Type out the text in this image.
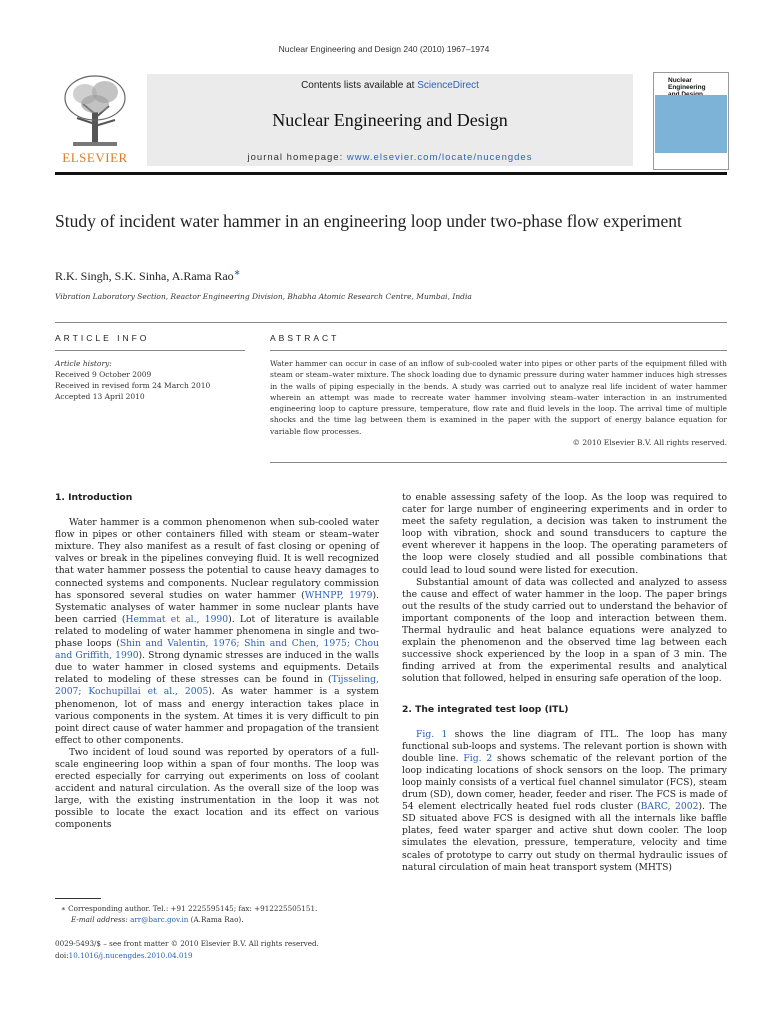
Nuclear Engineering and Design 240 (2010) 1967–1974
ELSEVIER
Contents lists available at ScienceDirect
Nuclear Engineering and Design
journal homepage: www.elsevier.com/locate/nucengdes
Nuclear Engineering
Study of incident water hammer in an engineering loop under two-phase flow experiment
R.K. Singh, S.K. Sinha, A.Rama Rao∗
Vibration Laboratory Section, Reactor Engineering Division, Bhabha Atomic Research Centre, Mumbai, India
ARTICLE INFO	ABSTRACT
Article history:
Received 9 October 2009
Received in revised form 24 March 2010
Accepted 13 April 2010
Water hammer can occur in case of an inflow of sub-cooled water into pipes or other parts of the equipment filled with steam or steam–water mixture. The shock loading due to dynamic pressure during water hammer induces high stresses in the walls of piping especially in the bends. A study was carried out to analyze real life incident of water hammer wherein an attempt was made to recreate water hammer involving steam–water interaction in an instrumented engineering loop to capture pressure, temperature, flow rate and fluid levels in the loop. The arrival time of multiple shocks and the time lag between them is examined in the paper with the support of energy balance equation for variable flow processes.
© 2010 Elsevier B.V. All rights reserved.
1. Introduction

Water hammer is a common phenomenon when sub-cooled water flow in pipes or other containers filled with steam or steam–water mixture. They also manifest as a result of fast closing or opening of valves or break in the pipelines conveying fluid. It is well recognized that water hammer possess the potential to cause heavy damages to connected systems and components. Nuclear regulatory commission has sponsored several studies on water hammer (WHNPP, 1979). Systematic analyses of water hammer in some nuclear plants have been carried (Hemmat et al., 1990). Lot of literature is available related to modeling of water hammer phenomena in single and two-phase loops (Shin and Valentin, 1976; Shin and Chen, 1975; Chou and Griffith, 1990). Strong dynamic stresses are induced in the walls due to water hammer in closed systems and equipments. Details related to modeling of these stresses can be found in (Tijsseling, 2007; Kochupillai et al., 2005). As water hammer is a system phenomenon, lot of mass and energy interaction takes place in various components in the system. At times it is very difficult to pin point direct cause of water hammer and propagation of the transient effect to other components.

Two incident of loud sound was reported by operators of a full-scale engineering loop within a span of four months. The loop was erected especially for carrying out experiments on loss of coolant accident and natural circulation. As the overall size of the loop was large, with the existing instrumentation in the loop it was not possible to locate the exact location and its effect on various components

to enable assessing safety of the loop. As the loop was required to cater for large number of engineering experiments and in order to meet the safety regulation, a decision was taken to instrument the loop with vibration, shock and sound transducers to capture the event wherever it happens in the loop. The operating parameters of the loop were closely studied and all possible combinations that could lead to loud sound were listed for execution.

Substantial amount of data was collected and analyzed to assess the cause and effect of water hammer in the loop. The paper brings out the results of the study carried out to understand the behavior of important components of the loop and interaction between them. Thermal hydraulic and heat balance equations were analyzed to explain the phenomenon and the observed time lag between each successive shock experienced by the loop in a span of 3 min. The finding arrived at from the experimental results and analytical solution that followed, helped in ensuring safe operation of the loop.

2. The integrated test loop (ITL)

Fig. 1 shows the line diagram of ITL. The loop has many functional sub-loops and systems. The relevant portion is shown with double line. Fig. 2 shows schematic of the relevant portion of the loop indicating locations of shock sensors on the loop. The primary loop mainly consists of a vertical fuel channel simulator (FCS), steam drum (SD), down comer, header, feeder and riser. The FCS is made of 54 element electrically heated fuel rods cluster (BARC, 2002). The SD situated above FCS is designed with all the internals like baffle plates, feed water sparger and active shut down cooler. The loop simulates the elevation, pressure, temperature, velocity and time scales of prototype to carry out study on thermal hydraulic issues of natural circulation of main heat transport system (MHTS)

∗ Corresponding author. Tel.: +91 2225595145; fax: +912225505151.
E-mail address: arr@barc.gov.in (A.Rama Rao).
0029-5493/$ – see front matter © 2010 Elsevier B.V. All rights reserved.
doi:10.1016/j.nucengdes.2010.04.019
